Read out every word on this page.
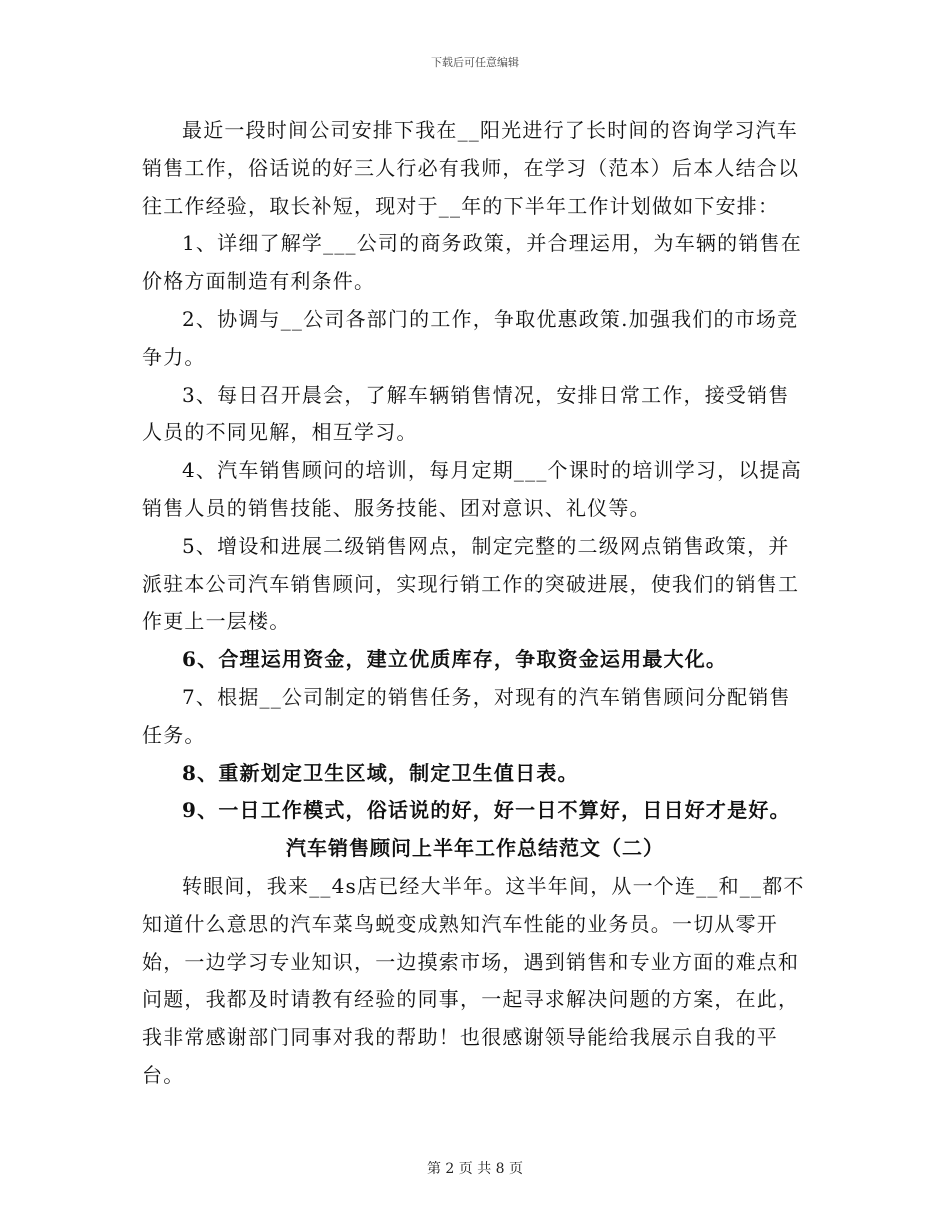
下载后可任意编辑

最近一段时间公司安排下我在__阳光进行了长时间的咨询学习汽车销售工作，俗话说的好三人行必有我师，在学习（范本）后本人结合以往工作经验，取长补短，现对于__年的下半年工作计划做如下安排：

1、详细了解学___公司的商务政策，并合理运用，为车辆的销售在价格方面制造有利条件。

2、协调与__公司各部门的工作，争取优惠政策.加强我们的市场竞争力。

3、每日召开晨会，了解车辆销售情况，安排日常工作，接受销售人员的不同见解，相互学习。

4、汽车销售顾问的培训，每月定期___个课时的培训学习，以提高销售人员的销售技能、服务技能、团对意识、礼仪等。

5、增设和进展二级销售网点，制定完整的二级网点销售政策，并派驻本公司汽车销售顾问，实现行销工作的突破进展，使我们的销售工作更上一层楼。

6、合理运用资金，建立优质库存，争取资金运用最大化。

7、根据__公司制定的销售任务，对现有的汽车销售顾问分配销售任务。

8、重新划定卫生区域，制定卫生值日表。

9、一日工作模式，俗话说的好，好一日不算好，日日好才是好。

汽车销售顾问上半年工作总结范文（二）

转眼间，我来__4s店已经大半年。这半年间，从一个连__和__都不知道什么意思的汽车菜鸟蜕变成熟知汽车性能的业务员。一切从零开始，一边学习专业知识，一边摸索市场，遇到销售和专业方面的难点和问题，我都及时请教有经验的同事，一起寻求解决问题的方案，在此，我非常感谢部门同事对我的帮助！也很感谢领导能给我展示自我的平台。

第 2 页 共 8 页
